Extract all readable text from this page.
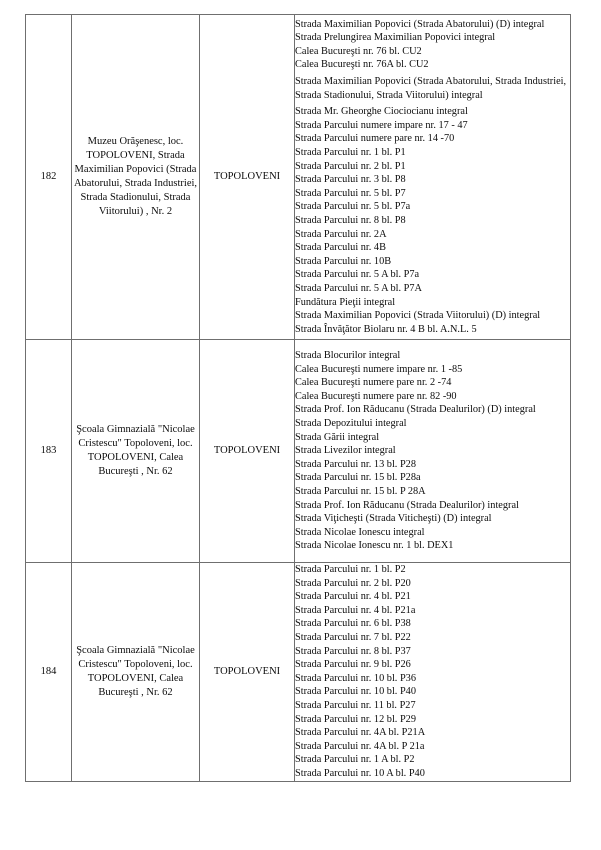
182	Muzeu Orăşenesc, loc. TOPOLOVENI, Strada Maximilian Popovici (Strada Abatorului, Strada Industriei, Strada Stadionului, Strada Viitorului) , Nr. 2	TOPOLOVENI	
Strada Maximilian Popovici (Strada Abatorului) (D) integral
Strada Prelungirea Maximilian Popovici integral
Calea Bucureşti nr. 76 bl. CU2
Calea Bucureşti nr. 76A bl. CU2
Strada Maximilian Popovici (Strada Abatorului, Strada Industriei, Strada Stadionului, Strada Viitorului) integral
Strada Mr. Gheorghe Ciociocianu integral
Strada Parcului numere impare nr. 17 - 47
Strada Parcului numere pare nr. 14 -70
Strada Parcului nr. 1 bl. P1
Strada Parcului nr. 2 bl. P1
Strada Parcului nr. 3 bl. P8
Strada Parcului nr. 5 bl. P7
Strada Parcului nr. 5 bl. P7a
Strada Parcului nr. 8 bl. P8
Strada Parcului nr. 2A
Strada Parcului nr. 4B
Strada Parcului nr. 10B
Strada Parcului nr. 5 A bl. P7a
Strada Parcului nr. 5 A bl. P7A
Fundătura Pieţii integral
Strada Maximilian Popovici (Strada Viitorului) (D) integral
Strada Învăţător Biolaru nr. 4 B bl. A.N.L. 5

183	Şcoala Gimnazială "Nicolae Cristescu" Topoloveni, loc. TOPOLOVENI, Calea Bucureşti , Nr. 62	TOPOLOVENI	
Strada Blocurilor integral
Calea Bucureşti numere impare nr. 1 -85
Calea Bucureşti numere pare nr. 2 -74
Calea Bucureşti numere pare nr. 82 -90
Strada Prof. Ion Răducanu (Strada Dealurilor) (D) integral
Strada Depozitului integral
Strada Gării integral
Strada Livezilor integral
Strada Parcului nr. 13 bl. P28
Strada Parcului nr. 15 bl. P28a
Strada Parcului nr. 15 bl. P 28A
Strada Prof. Ion Răducanu (Strada Dealurilor) integral
Strada Viţicheşti (Strada Viticheşti) (D) integral
Strada Nicolae Ionescu integral
Strada Nicolae Ionescu nr. 1 bl. DEX1

184	Şcoala Gimnazială "Nicolae Cristescu" Topoloveni, loc. TOPOLOVENI, Calea Bucureşti , Nr. 62	TOPOLOVENI	
Strada Parcului nr. 1 bl. P2
Strada Parcului nr. 2 bl. P20
Strada Parcului nr. 4 bl. P21
Strada Parcului nr. 4 bl. P21a
Strada Parcului nr. 6 bl. P38
Strada Parcului nr. 7 bl. P22
Strada Parcului nr. 8 bl. P37
Strada Parcului nr. 9 bl. P26
Strada Parcului nr. 10 bl. P36
Strada Parcului nr. 10 bl. P40
Strada Parcului nr. 11 bl. P27
Strada Parcului nr. 12 bl. P29
Strada Parcului nr. 4A bl. P21A
Strada Parcului nr. 4A bl. P 21a
Strada Parcului nr. 1 A bl. P2
Strada Parcului nr. 10 A bl. P40
